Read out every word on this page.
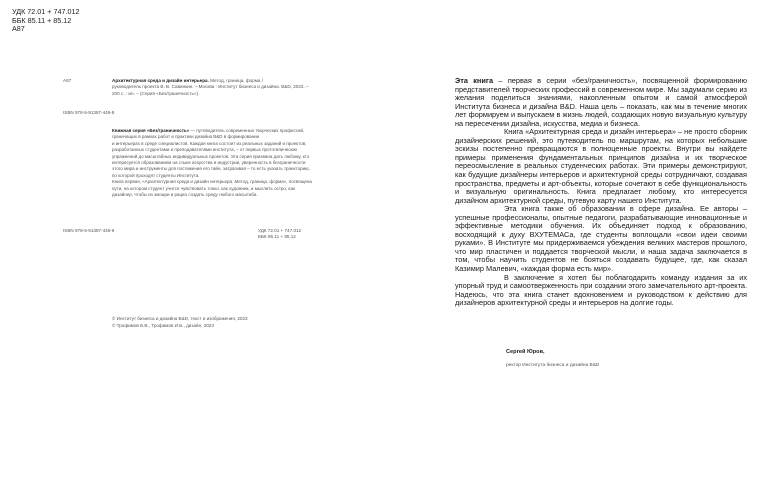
УДК 72.01 + 747.012
ББК 85.11 + 85.12
А87
А87	Архитектурная среда и дизайн интерьера. Метод, граница, форма /
руководитель проекта В. В. Савинкин. – Москва : Институт бизнеса и дизайна. B&D, 2023. –
200 с. : ил. – (Серия «Без/граничность»).
ISBN 978-5-91387-446-9
Книжная серия «Без/граничность» — путеводитель современных творческих профессий,
граничащих в рамках работ и практики дизайна B&D в формировании
и интерьерах в среде специалистов. Каждая книга состоит из реальных заданий и проектов,
разработанных студентами и преподавателями института, – от первых прототипических
упражнений до масштабных индивидуальных проектов. Эта серия призвана дать любому, кто
интересуется образованием на стыке искусства и индустрии, уверенность в безграничности
этого мира и инструменты для постижения его тайн, затрагивая – то есть указать траекторию,
по которой проходят студенты Института.
Книга первая, «Архитектурная среда и дизайн интерьера. Метод, граница, форма», посвящена
пути, на котором студент учится чувствовать тонко, как художник, и мыслить остро, как
дизайнер, чтобы из эмоции и рацио создать среду любого масштаба.
ISBN 978-5-91387-446-9	УДК 72.01 + 747.012
ББК 85.11 + 85.12
© Институт бизнеса и дизайна B&D, текст и изображения, 2023
© Трофимов Б.В., Трофимов И.Б., дизайн, 2023

Эта книга – первая в серии «без/граничность», посвященной формированию представителей творческих профессий в современном мире. Мы задумали серию из желания поделиться знаниями, накопленным опытом и самой атмосферой Института бизнеса и дизайна B&D. Наша цель – показать, как мы в течение многих лет формируем и выпускаем в жизнь людей, создающих новую визуальную культуру на пересечении дизайна, искусства, медиа и бизнеса.

Книга «Архитектурная среда и дизайн интерьера» – не просто сборник дизайнерских решений, это путеводитель по маршрутам, на которых небольшие эскизы постепенно превращаются в полноценные проекты. Внутри вы найдете примеры применения фундаментальных принципов дизайна и их творческое переосмысление в реальных студенческих работах. Эти примеры демонстрируют, как будущие дизайнеры интерьеров и архитектурной среды сотрудничают, создавая пространства, предметы и арт-объекты, которые сочетают в себе функциональность и визуальную оригинальность. Книга предлагает любому, кто интересуется дизайном архитектурной среды, путевую карту нашего Института.

Эта книга также об образовании в сфере дизайна. Ее авторы – успешные профессионалы, опытные педагоги, разрабатывающие инновационные и эффективные методики обучения. Их объединяет подход к образованию, восходящий к духу ВХУТЕМАСа, где студенты воплощали «свои идеи своими руками». В Институте мы придерживаемся убеждения великих мастеров прошлого, что мир пластичен и поддается творческой мысли, и наша задача заключается в том, чтобы научить студентов не бояться создавать будущее, где, как сказал Казимир Малевич, «каждая форма есть мир».

В заключение я хотел бы поблагодарить команду издания за их упорный труд и самоотверженность при создании этого замечательного арт-проекта. Надеюсь, что эта книга станет вдохновением и руководством к действию для дизайнеров архитектурной среды и интерьеров на долгие годы.

Сергей Юров,
ректор Института бизнеса и дизайна B&D
